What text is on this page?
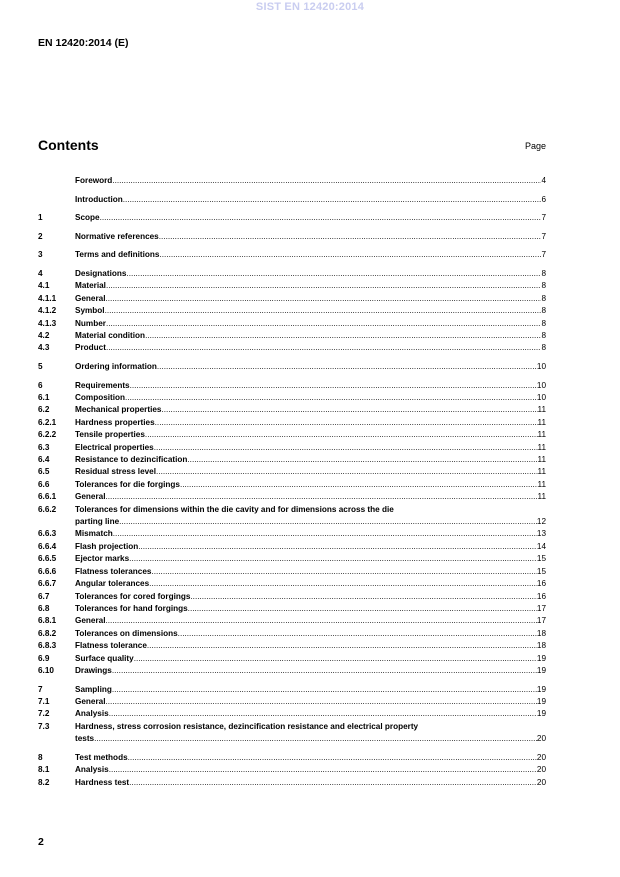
SIST EN 12420:2014
EN 12420:2014 (E)
Contents	Page
Foreword .....	4
Introduction .....	6
1	Scope .....	7
2	Normative references .....	7
3	Terms and definitions .....	7
4	Designations .....	8
4.1	Material .....	8
4.1.1	General .....	8
4.1.2	Symbol .....	8
4.1.3	Number .....	8
4.2	Material condition .....	8
4.3	Product .....	8
5	Ordering information .....	10
6	Requirements .....	10
6.1	Composition .....	10
6.2	Mechanical properties .....	11
6.2.1	Hardness properties .....	11
6.2.2	Tensile properties .....	11
6.3	Electrical properties .....	11
6.4	Resistance to dezincification .....	11
6.5	Residual stress level .....	11
6.6	Tolerances for die forgings .....	11
6.6.1	General .....	11
6.6.2	Tolerances for dimensions within the die cavity and for dimensions across the die
parting line .....	12
6.6.3	Mismatch .....	13
6.6.4	Flash projection .....	14
6.6.5	Ejector marks .....	15
6.6.6	Flatness tolerances .....	15
6.6.7	Angular tolerances .....	16
6.7	Tolerances for cored forgings .....	16
6.8	Tolerances for hand forgings .....	17
6.8.1	General .....	17
6.8.2	Tolerances on dimensions .....	18
6.8.3	Flatness tolerance .....	18
6.9	Surface quality .....	19
6.10	Drawings .....	19
7	Sampling .....	19
7.1	General .....	19
7.2	Analysis .....	19
7.3	Hardness, stress corrosion resistance, dezincification resistance and electrical property
tests .....	20
8	Test methods .....	20
8.1	Analysis .....	20
8.2	Hardness test .....	20
2
